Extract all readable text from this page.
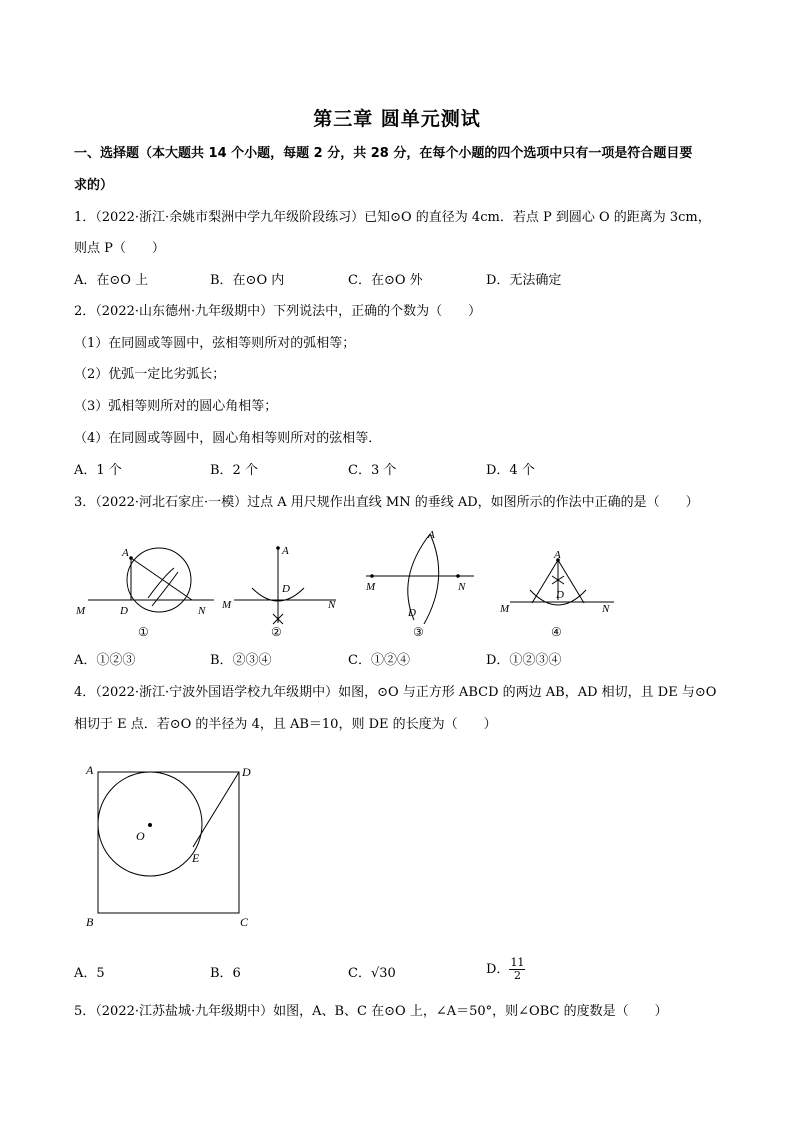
第三章 圆单元测试
一、选择题（本大题共 14 个小题，每题 2 分，共 28 分，在每个小题的四个选项中只有一项是符合题目要
求的）
1．（2022·浙江·余姚市梨洲中学九年级阶段练习）已知⊙O 的直径为 4cm．若点 P 到圆心 O 的距离为 3cm，
则点 P（　　）
A．在⊙O 上	B．在⊙O 内	C．在⊙O 外	D．无法确定
2．（2022·山东德州·九年级期中）下列说法中，正确的个数为（　　）
（1）在同圆或等圆中，弦相等则所对的弧相等；
（2）优弧一定比劣弧长；
（3）弧相等则所对的圆心角相等；
（4）在同圆或等圆中，圆心角相等则所对的弦相等．
A．1 个	B．2 个	C．3 个	D．4 个
3．（2022·河北石家庄·一模）过点 A 用尺规作出直线 MN 的垂线 AD，如图所示的作法中正确的是（　　）
A
D
M	N
A
D
M	N
A
D
M	N
A
D
M	N
①	②	③	④
A．①②③	B．②③④	C．①②④	D．①②③④
4．（2022·浙江·宁波外国语学校九年级期中）如图，⊙O 与正方形 ABCD 的两边 AB，AD 相切，且 DE 与⊙O
相切于 E 点．若⊙O 的半径为 4，且 AB＝10，则 DE 的长度为（　　）
A	D
B	C
O
E
A．5	B．6	C．√30	D． $\frac{11}{2}$
5．（2022·江苏盐城·九年级期中）如图，A、B、C 在⊙O 上，∠A＝50°，则∠OBC 的度数是（　　）
